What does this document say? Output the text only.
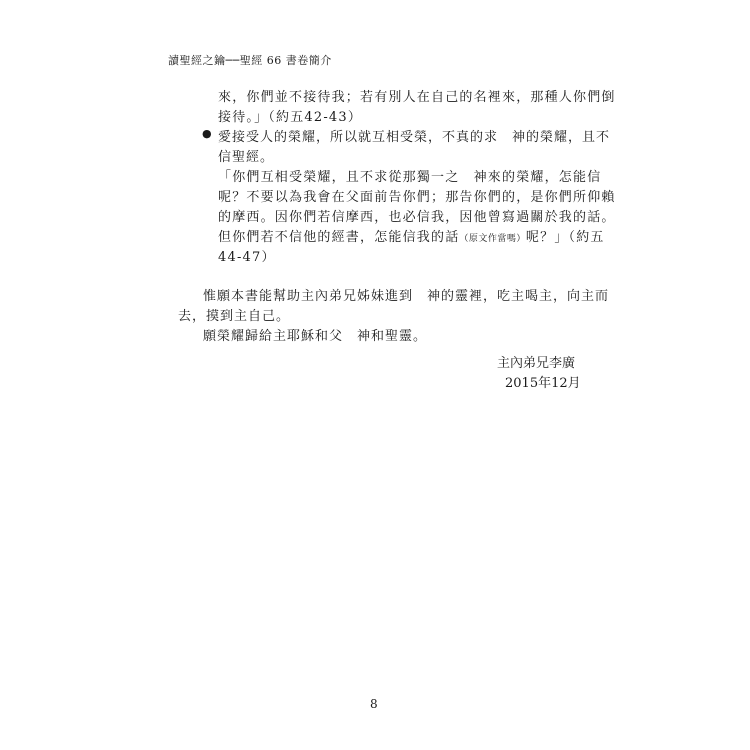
讀聖經之鑰──聖經 66 書卷簡介
來，你們並不接待我；若有別人在自己的名裡來，那種人你們倒
接待。」（約五42-43）
● 愛接受人的榮耀，所以就互相受榮，不真的求　神的榮耀，且不
信聖經。
「你們互相受榮耀，且不求從那獨一之　神來的榮耀，怎能信
呢？不要以為我會在父面前告你們；那告你們的，是你們所仰賴
的摩西。因你們若信摩西，也必信我，因他曾寫過關於我的話。
但你們若不信他的經書，怎能信我的話（原文作當嗎）呢？」（約五
44-47）
惟願本書能幫助主內弟兄姊妹進到　神的靈裡，吃主喝主，向主而
去，摸到主自己。
願榮耀歸給主耶穌和父　神和聖靈。
主內弟兄李廣
2015年12月
8
